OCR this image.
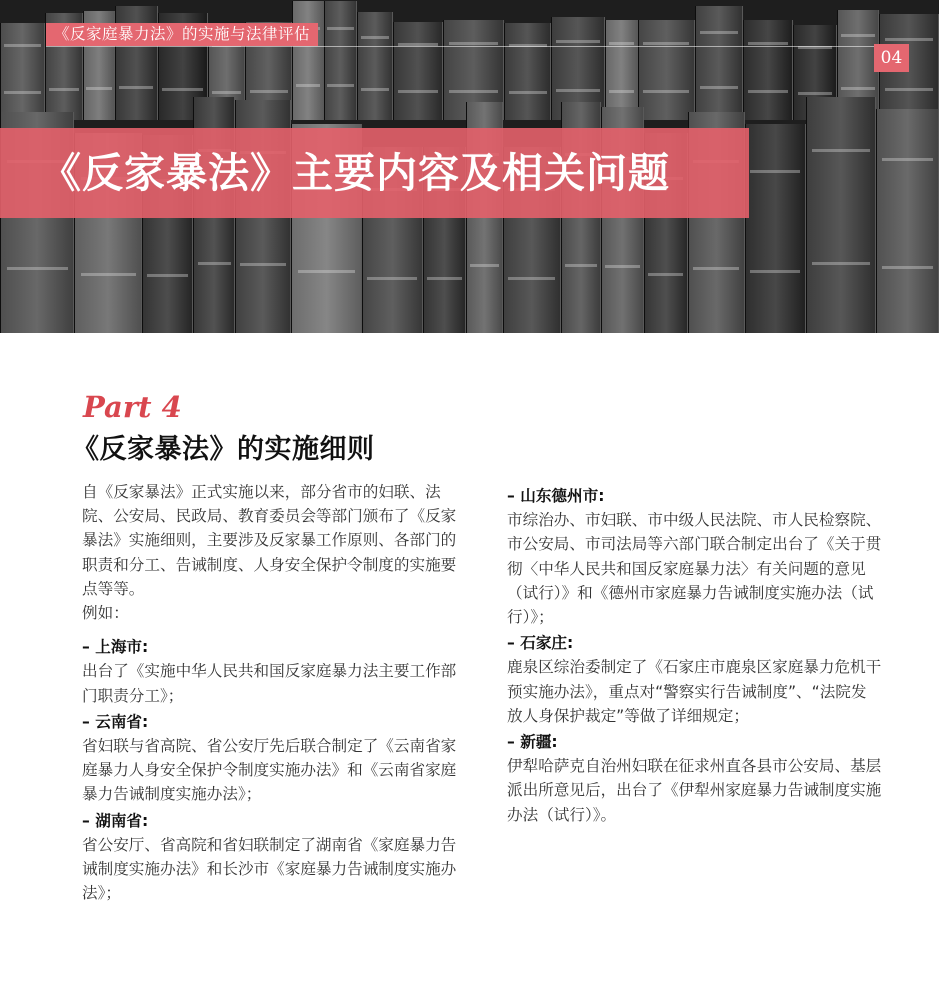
《反家庭暴力法》的实施与法律评估
04
《反家暴法》主要内容及相关问题
Part 4
《反家暴法》的实施细则

自《反家暴法》正式实施以来，部分省市的妇联、法院、公安局、民政局、教育委员会等部门颁布了《反家暴法》实施细则，主要涉及反家暴工作原则、各部门的职责和分工、告诫制度、人身安全保护令制度的实施要点等等。

例如：

– 上海市:

出台了《实施中华人民共和国反家庭暴力法主要工作部门职责分工》；

– 云南省:

省妇联与省高院、省公安厅先后联合制定了《云南省家庭暴力人身安全保护令制度实施办法》和《云南省家庭暴力告诫制度实施办法》；

– 湖南省:

省公安厅、省高院和省妇联制定了湖南省《家庭暴力告诫制度实施办法》和长沙市《家庭暴力告诫制度实施办法》；

– 山东德州市:

市综治办、市妇联、市中级人民法院、市人民检察院、市公安局、市司法局等六部门联合制定出台了《关于贯彻〈中华人民共和国反家庭暴力法〉有关问题的意见（试行）》和《德州市家庭暴力告诫制度实施办法（试行）》；

– 石家庄:

鹿泉区综治委制定了《石家庄市鹿泉区家庭暴力危机干预实施办法》，重点对“警察实行告诫制度”、“法院发放人身保护裁定”等做了详细规定；

– 新疆:

伊犁哈萨克自治州妇联在征求州直各县市公安局、基层派出所意见后，出台了《伊犁州家庭暴力告诫制度实施办法（试行）》。
